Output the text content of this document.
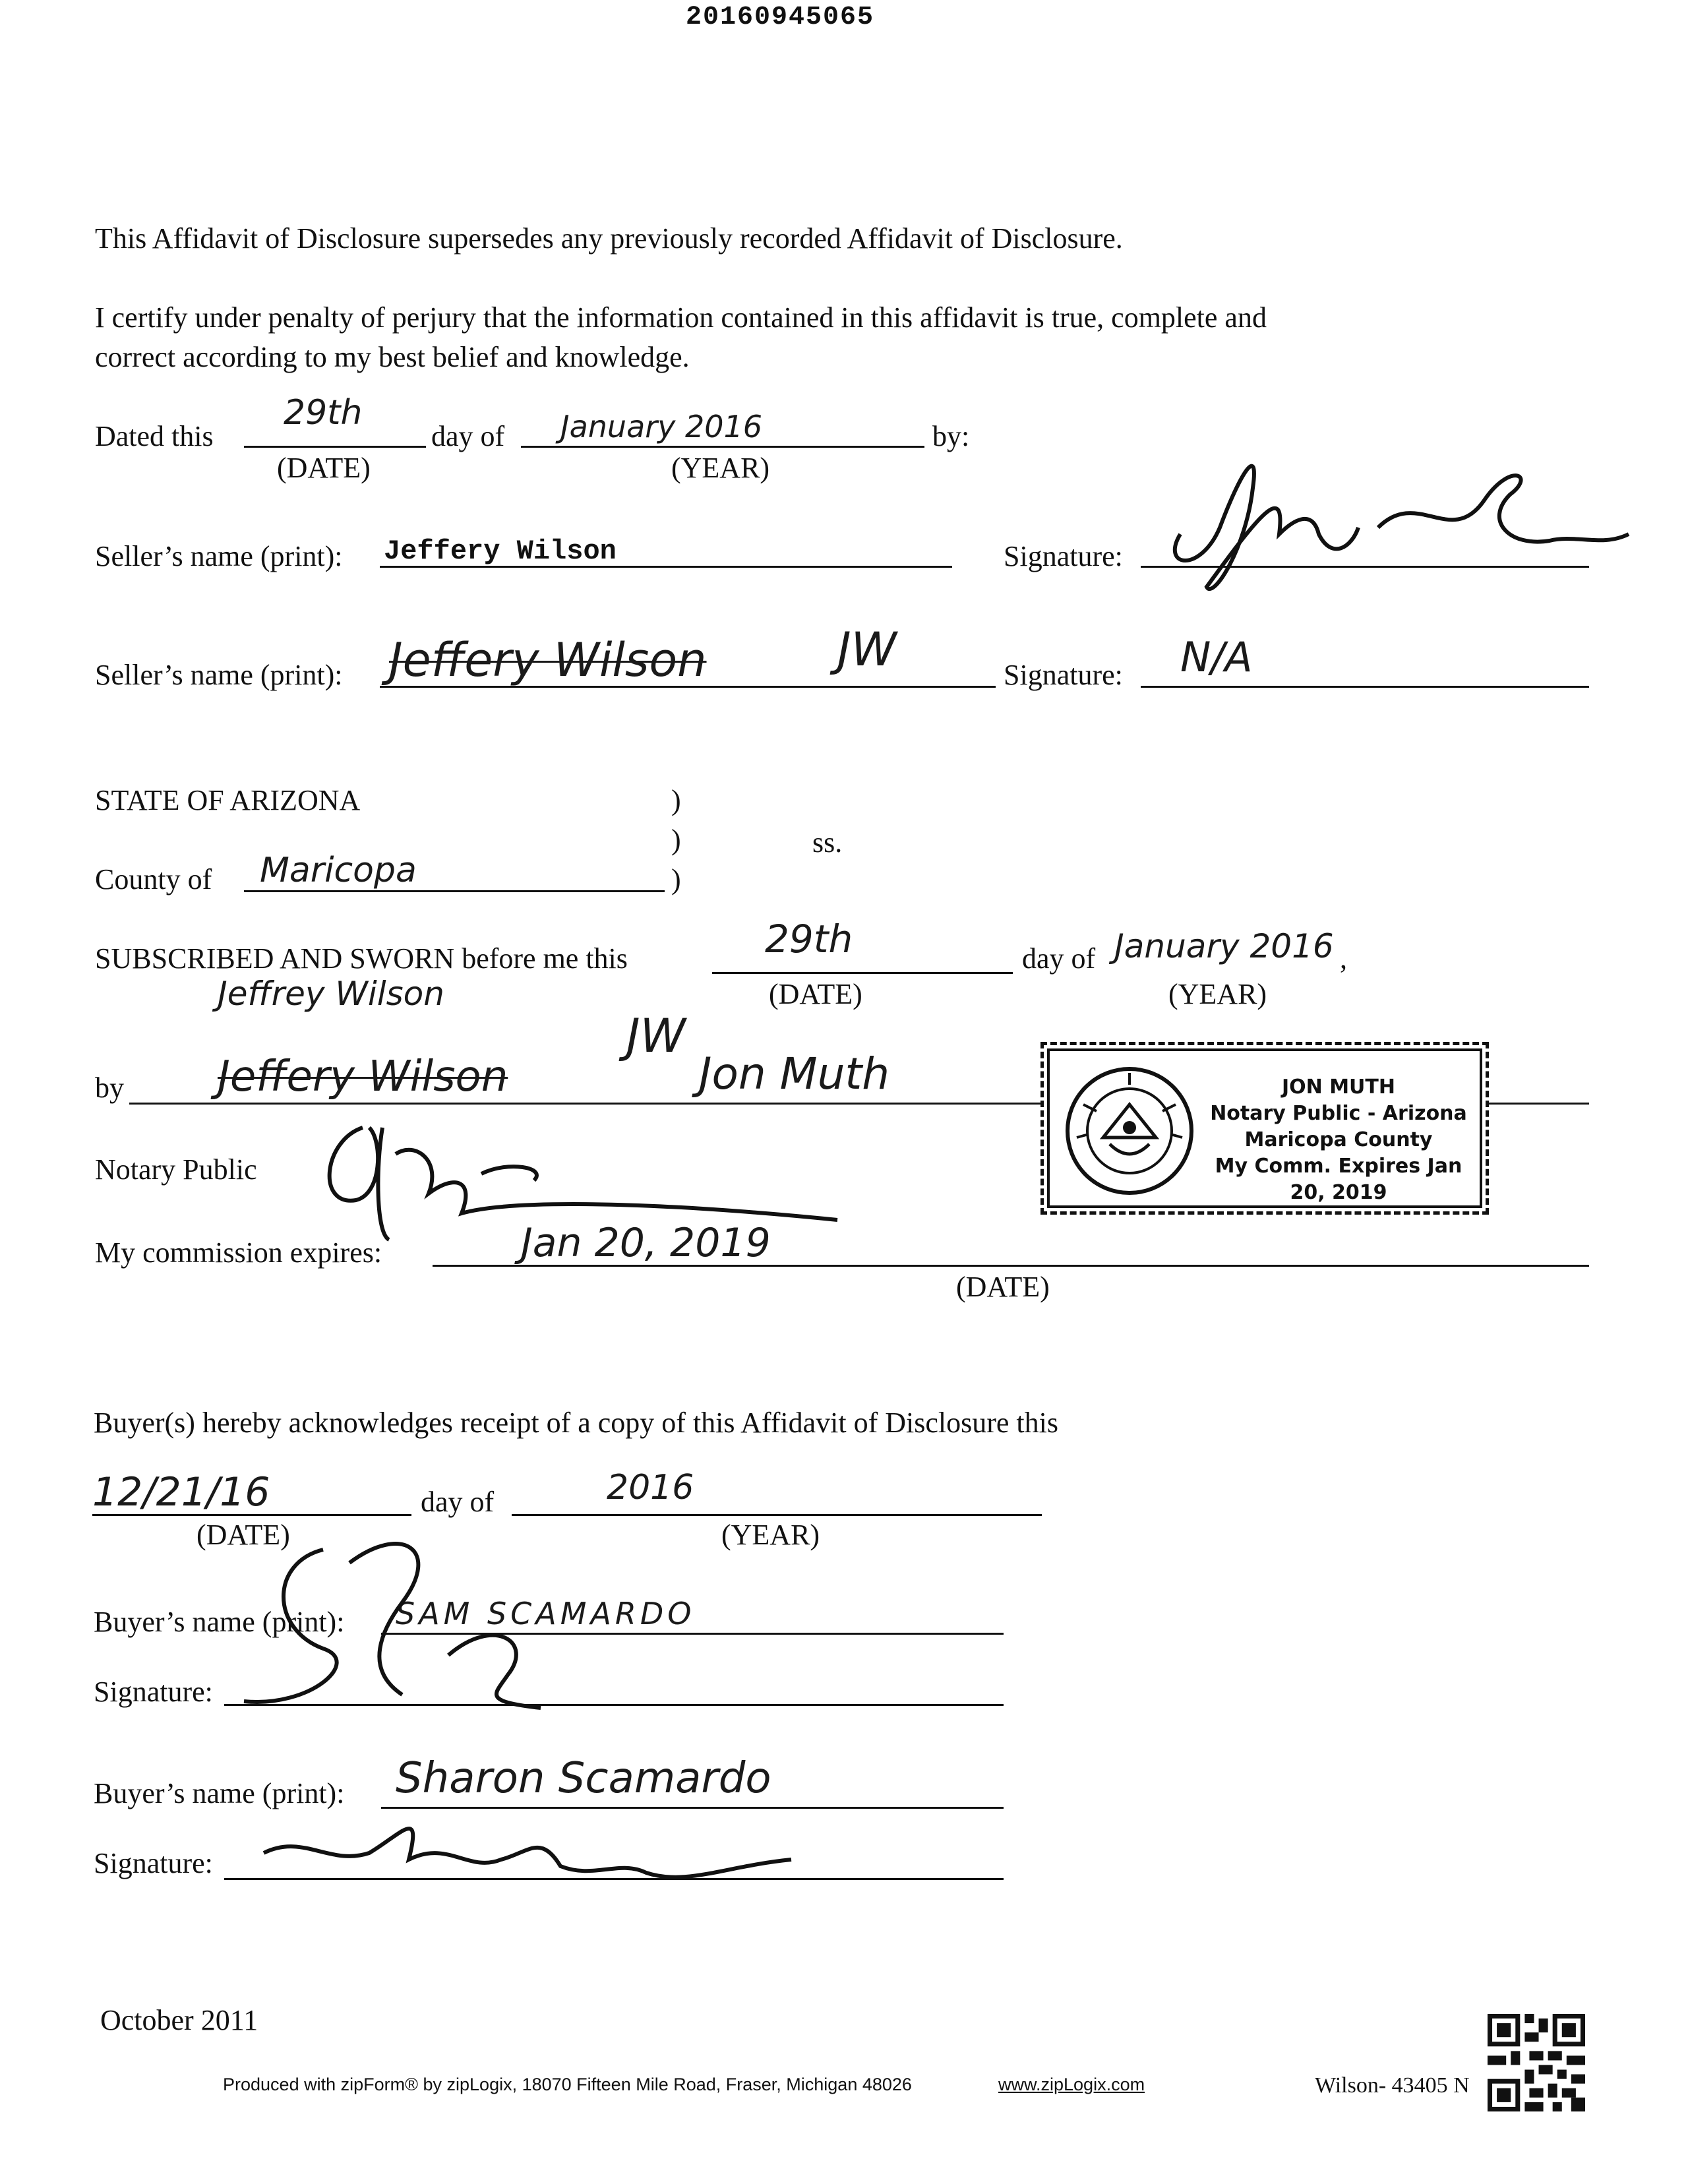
20160945065
This Affidavit of Disclosure supersedes any previously recorded Affidavit of Disclosure.
I certify under penalty of perjury that the information contained in this affidavit is true, complete and
correct according to my best belief and knowledge.
Dated this
29th
(DATE)
day of January 2016
(YEAR)
by:
Seller’s name (print): Jeffery Wilson	Signature:
Seller’s name (print): Jeffery Wilson	JW	Signature: N/A
STATE OF ARIZONA	)
)	ss.
County of Maricopa	)
SUBSCRIBED AND SWORN before me this	29th
(DATE)
day of January 2016 ,
(YEAR)
Jeffrey Wilson
by Jeffery Wilson
JW
Jon Muth
Notary Public
My commission expires:	Jan 20, 2019
(DATE)
JON MUTH
Notary Public - Arizona
Maricopa County
My Comm. Expires Jan 20, 2019
Buyer(s) hereby acknowledges receipt of a copy of this Affidavit of Disclosure this
12/21/16
(DATE)
day of	2016
(YEAR)
Buyer’s name (print): SAM SCAMARDO
Signature:
Buyer’s name (print): Sharon Scamardo
Signature:
October 2011
Produced with zipForm® by zipLogix, 18070 Fifteen Mile Road, Fraser, Michigan 48026	www.zipLogix.com	Wilson- 43405 N
